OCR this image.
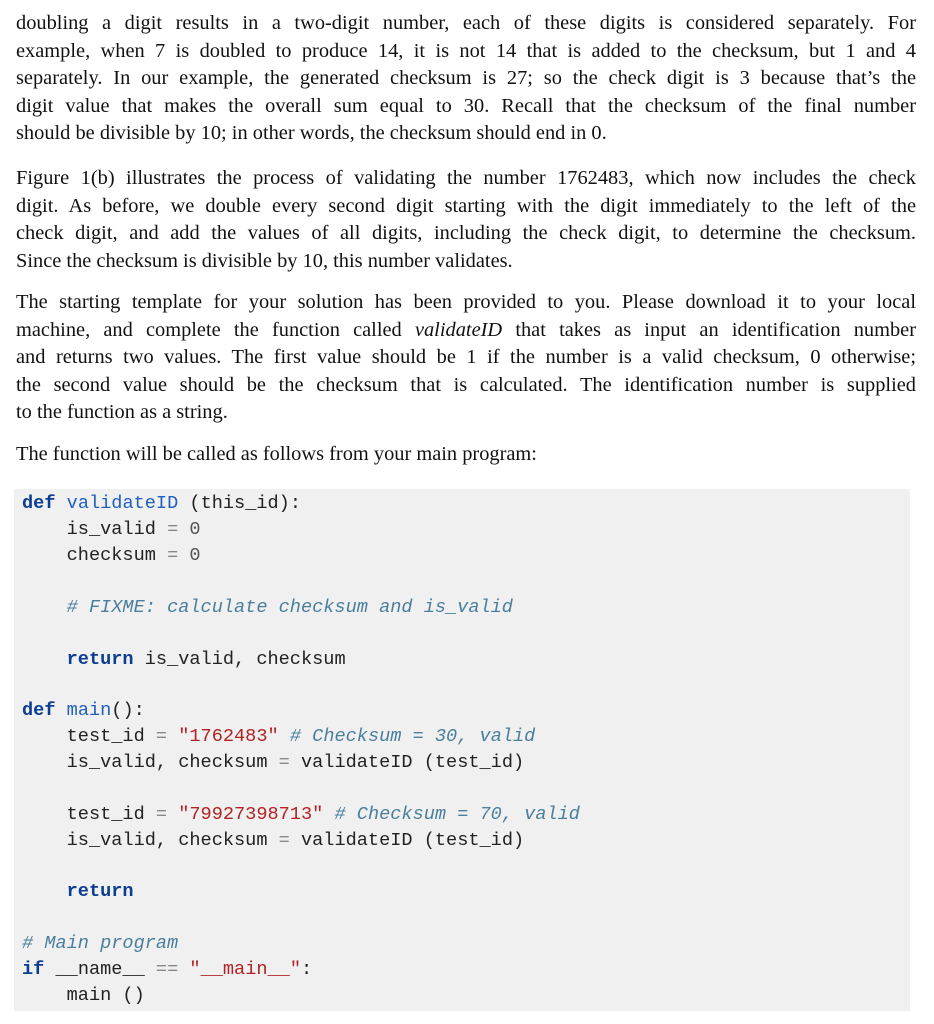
doubling a digit results in a two-digit number, each of these digits is considered separately. For
example, when 7 is doubled to produce 14, it is not 14 that is added to the checksum, but 1 and 4
separately. In our example, the generated checksum is 27; so the check digit is 3 because that’s the
digit value that makes the overall sum equal to 30. Recall that the checksum of the final number
should be divisible by 10; in other words, the checksum should end in 0.

Figure 1(b) illustrates the process of validating the number 1762483, which now includes the check
digit. As before, we double every second digit starting with the digit immediately to the left of the
check digit, and add the values of all digits, including the check digit, to determine the checksum.
Since the checksum is divisible by 10, this number validates.

The starting template for your solution has been provided to you. Please download it to your local
machine, and complete the function called validateID that takes as input an identification number
and returns two values. The first value should be 1 if the number is a valid checksum, 0 otherwise;
the second value should be the checksum that is calculated. The identification number is supplied
to the function as a string.

The function will be called as follows from your main program:

def validateID (this_id):
is_valid = 0
checksum = 0
# FIXME: calculate checksum and is_valid
return is_valid, checksum
def main():
test_id = "1762483" # Checksum = 30, valid
is_valid, checksum = validateID (test_id)
test_id = "79927398713" # Checksum = 70, valid
is_valid, checksum = validateID (test_id)
return
# Main program
if __name__ == "__main__":
main ()
